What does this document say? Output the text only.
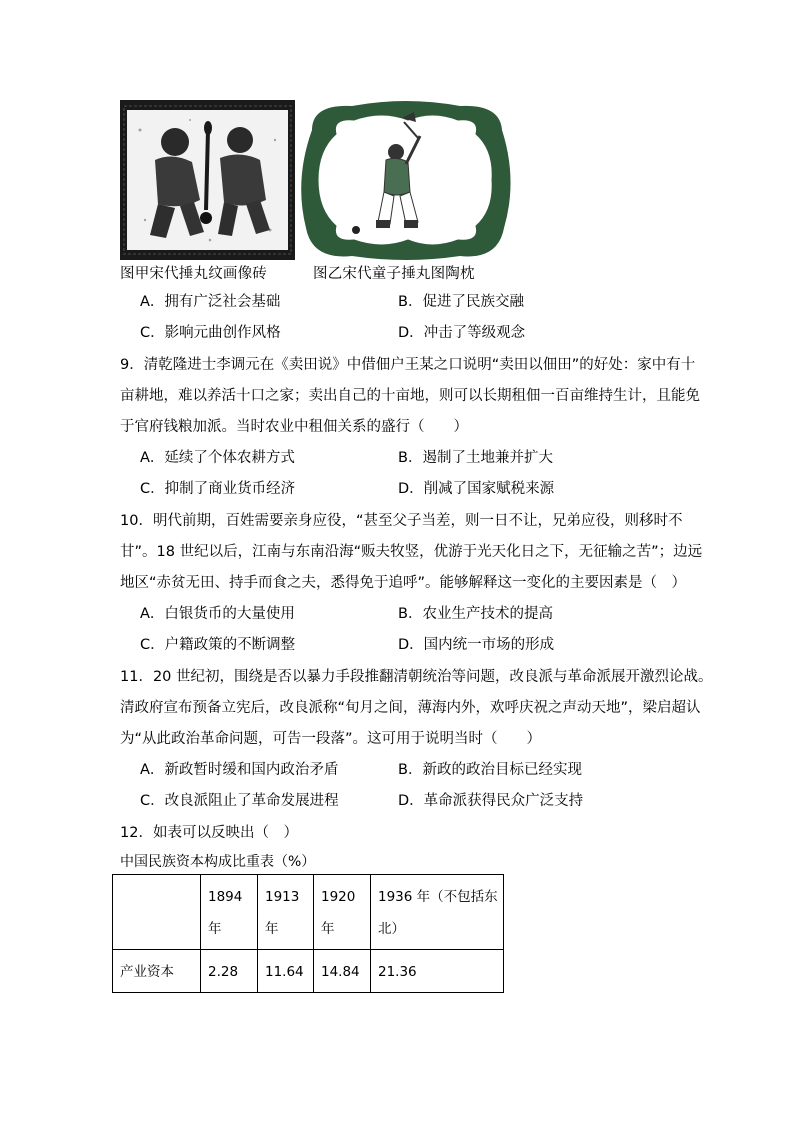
图甲宋代捶丸纹画像砖	图乙宋代童子捶丸图陶枕
A．拥有广泛社会基础	B．促进了民族交融
C．影响元曲创作风格	D．冲击了等级观念
9．清乾隆进士李调元在《卖田说》中借佃户王某之口说明“卖田以佃田”的好处：家中有十
亩耕地，难以养活十口之家；卖出自己的十亩地，则可以长期租佃一百亩维持生计，且能免
于官府钱粮加派。当时农业中租佃关系的盛行（　　）
A．延续了个体农耕方式	B．遏制了土地兼并扩大
C．抑制了商业货币经济	D．削减了国家赋税来源
10．明代前期，百姓需要亲身应役，“甚至父子当差，则一日不让，兄弟应役，则移时不
甘”。18 世纪以后，江南与东南沿海“贩夫牧竖，优游于光天化日之下，无征输之苦”；边远
地区“赤贫无田、持手而食之夫，悉得免于追呼”。能够解释这一变化的主要因素是（　）
A．白银货币的大量使用	B．农业生产技术的提高
C．户籍政策的不断调整	D．国内统一市场的形成
11．20 世纪初，围绕是否以暴力手段推翻清朝统治等问题，改良派与革命派展开激烈论战。
清政府宣布预备立宪后，改良派称“旬月之间，薄海内外，欢呼庆祝之声动天地”，梁启超认
为“从此政治革命问题，可告一段落”。这可用于说明当时（　　）
A．新政暂时缓和国内政治矛盾	B．新政的政治目标已经实现
C．改良派阻止了革命发展进程	D．革命派获得民众广泛支持
12．如表可以反映出（　）
中国民族资本构成比重表（%）

	1894 年	1913 年	1920 年	1936 年（不包括东北）

产业资本	2.28	11.64	14.84	21.36
